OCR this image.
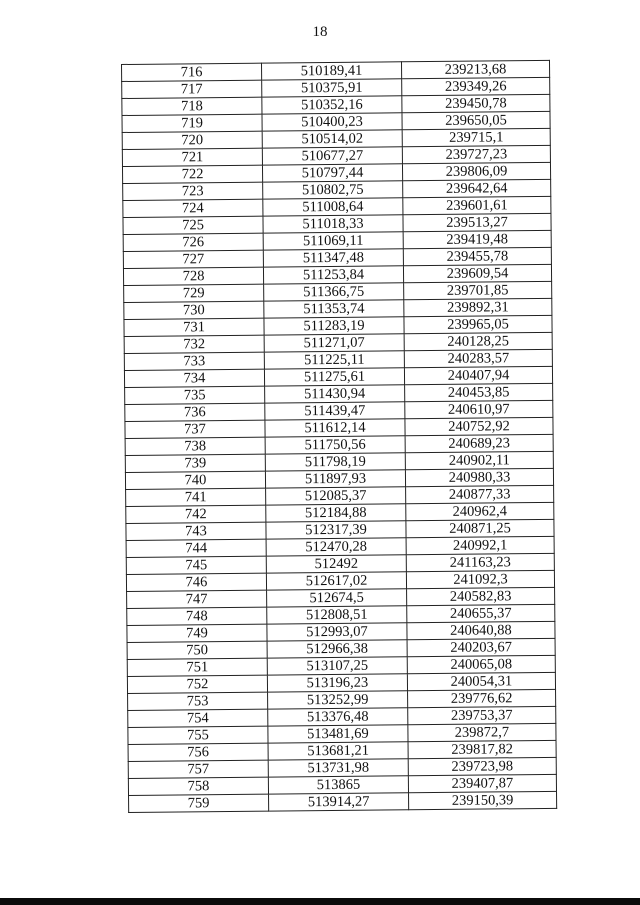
18
716	510189,41	239213,68
717	510375,91	239349,26
718	510352,16	239450,78
719	510400,23	239650,05
720	510514,02	239715,1
721	510677,27	239727,23
722	510797,44	239806,09
723	510802,75	239642,64
724	511008,64	239601,61
725	511018,33	239513,27
726	511069,11	239419,48
727	511347,48	239455,78
728	511253,84	239609,54
729	511366,75	239701,85
730	511353,74	239892,31
731	511283,19	239965,05
732	511271,07	240128,25
733	511225,11	240283,57
734	511275,61	240407,94
735	511430,94	240453,85
736	511439,47	240610,97
737	511612,14	240752,92
738	511750,56	240689,23
739	511798,19	240902,11
740	511897,93	240980,33
741	512085,37	240877,33
742	512184,88	240962,4
743	512317,39	240871,25
744	512470,28	240992,1
745	512492	241163,23
746	512617,02	241092,3
747	512674,5	240582,83
748	512808,51	240655,37
749	512993,07	240640,88
750	512966,38	240203,67
751	513107,25	240065,08
752	513196,23	240054,31
753	513252,99	239776,62
754	513376,48	239753,37
755	513481,69	239872,7
756	513681,21	239817,82
757	513731,98	239723,98
758	513865	239407,87
759	513914,27	239150,39
